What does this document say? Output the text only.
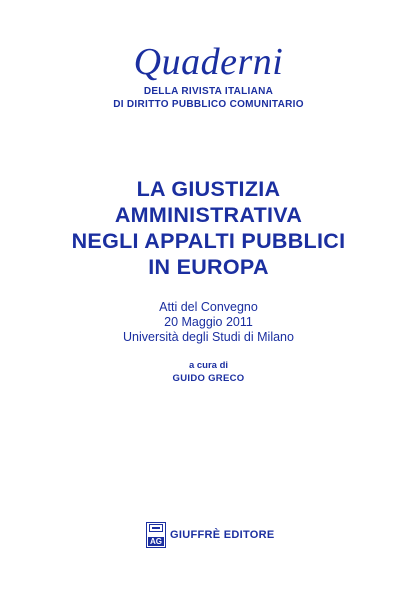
Quaderni
DELLA RIVISTA ITALIANA
DI DIRITTO PUBBLICO COMUNITARIO
LA GIUSTIZIA
AMMINISTRATIVA
NEGLI APPALTI PUBBLICI
IN EUROPA
Atti del Convegno
20 Maggio 2011
Università degli Studi di Milano
a cura di
GUIDO GRECO
AG
GIUFFRÈ EDITORE
